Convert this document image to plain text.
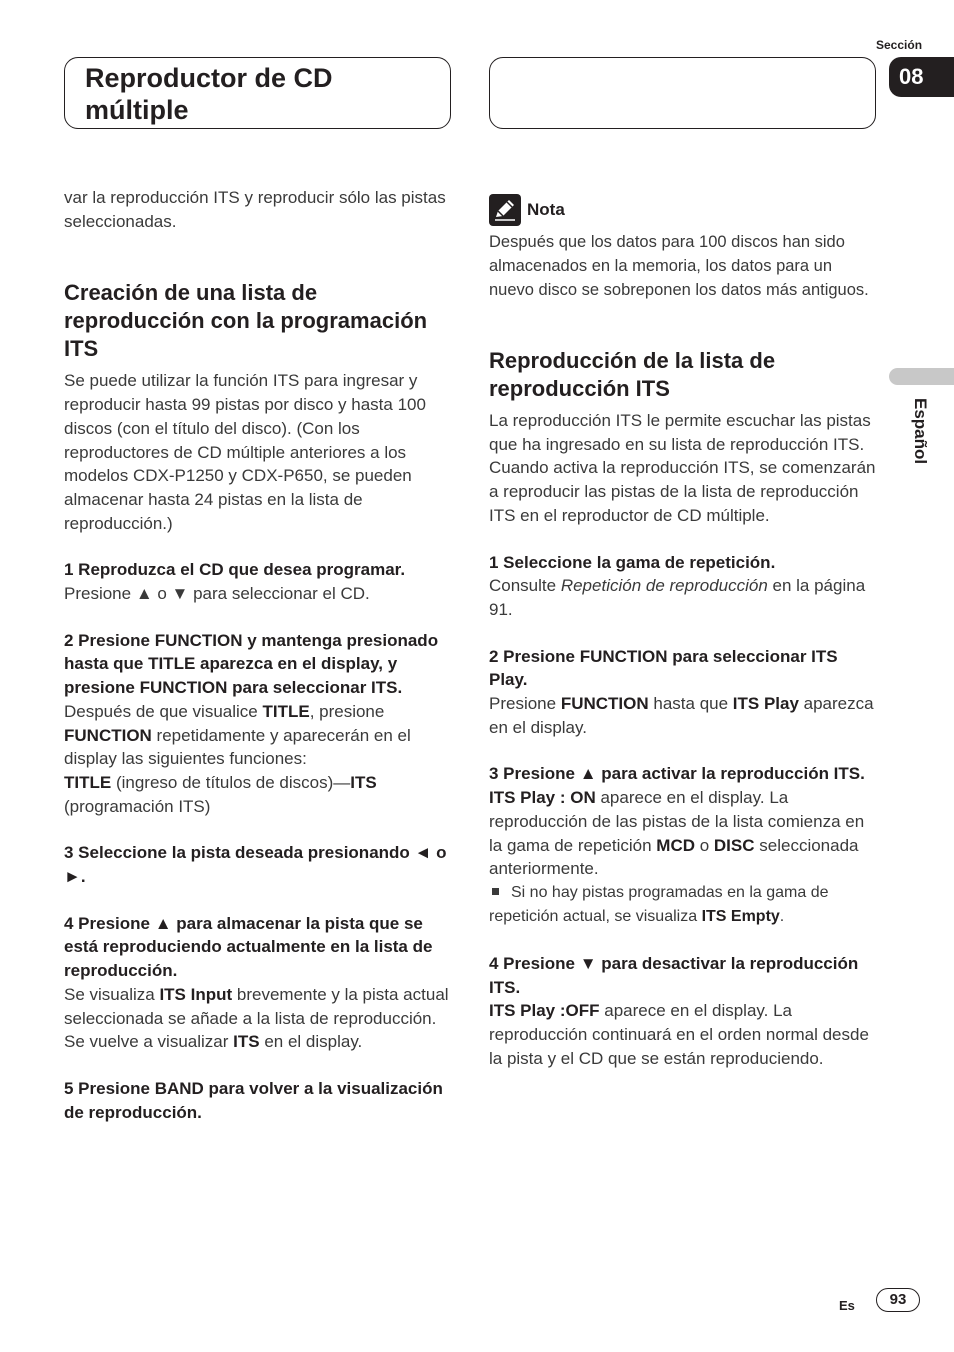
Reproductor de CD múltiple
Sección
08
Español

var la reproducción ITS y reproducir sólo las pistas seleccionadas.

Creación de una lista de reproducción con la programación ITS

Se puede utilizar la función ITS para ingresar y reproducir hasta 99 pistas por disco y hasta 100 discos (con el título del disco). (Con los reproductores de CD múltiple anteriores a los modelos CDX-P1250 y CDX-P650, se pueden almacenar hasta 24 pistas en la lista de reproducción.)

1 Reproduzca el CD que desea programar.

Presione ▲ o ▼ para seleccionar el CD.

2 Presione FUNCTION y mantenga presionado hasta que TITLE aparezca en el display, y presione FUNCTION para seleccionar ITS.

Después de que visualice TITLE, presione FUNCTION repetidamente y aparecerán en el display las siguientes funciones:
TITLE (ingreso de títulos de discos)—ITS (programación ITS)

3 Seleccione la pista deseada presionando ◄ o ►.

4 Presione ▲ para almacenar la pista que se está reproduciendo actualmente en la lista de reproducción.

Se visualiza ITS Input brevemente y la pista actual seleccionada se añade a la lista de reproducción. Se vuelve a visualizar ITS en el display.

5 Presione BAND para volver a la visualización de reproducción.

Nota

Después que los datos para 100 discos han sido almacenados en la memoria, los datos para un nuevo disco se sobreponen los datos más antiguos.

Reproducción de la lista de reproducción ITS

La reproducción ITS le permite escuchar las pistas que ha ingresado en su lista de reproducción ITS. Cuando activa la reproducción ITS, se comenzarán a reproducir las pistas de la lista de reproducción ITS en el reproductor de CD múltiple.

1 Seleccione la gama de repetición.

Consulte Repetición de reproducción en la página 91.

2 Presione FUNCTION para seleccionar ITS Play.

Presione FUNCTION hasta que ITS Play aparezca en el display.

3 Presione ▲ para activar la reproducción ITS.

ITS Play : ON aparece en el display. La reproducción de las pistas de la lista comienza en la gama de repetición MCD o DISC seleccionada anteriormente.

Si no hay pistas programadas en la gama de repetición actual, se visualiza ITS Empty.

4 Presione ▼ para desactivar la reproducción ITS.

ITS Play :OFF aparece en el display. La reproducción continuará en el orden normal desde la pista y el CD que se están reproduciendo.

Es	93
